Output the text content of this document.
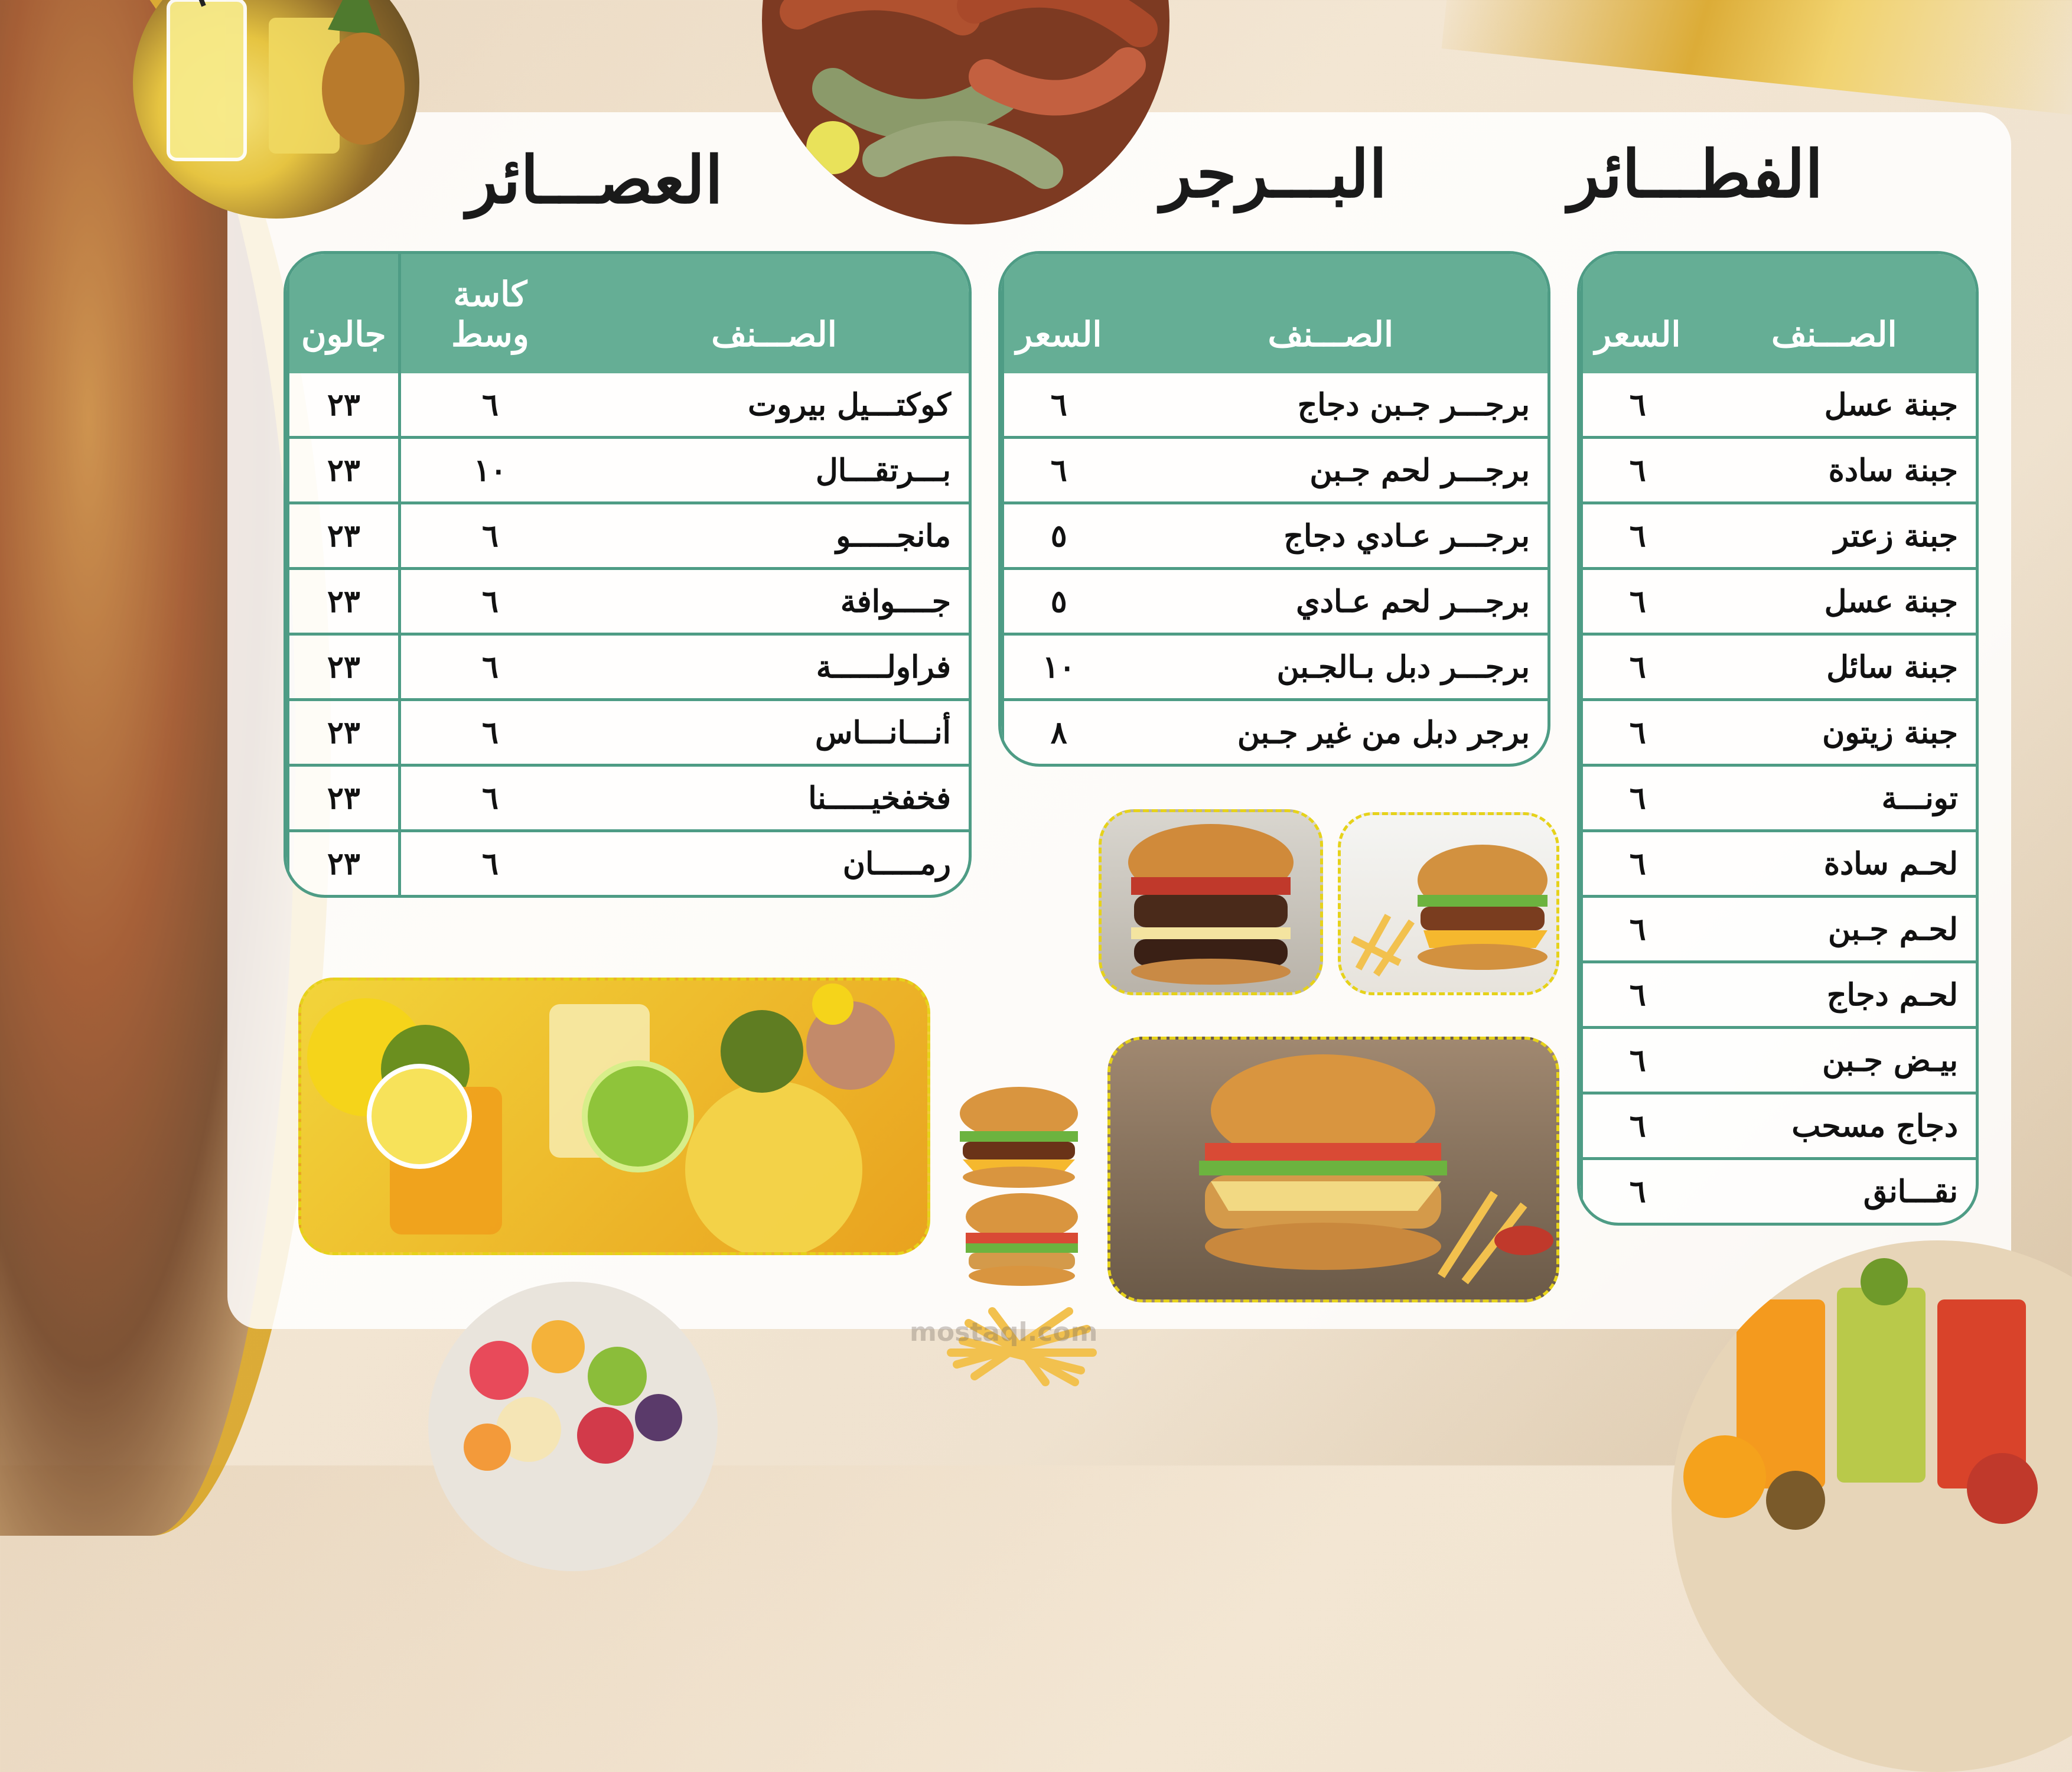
الفطـــائر
البـــرجر
العصـــائر
الصـــنف	السعر
جبنة عسل	٦
جبنة سادة	٦
جبنة زعتر	٦
جبنة عسل	٦
جبنة سائل	٦
جبنة زيتون	٦
تونـــة	٦
لحـم سادة	٦
لحـم جـبن	٦
لحـم دجاج	٦
بيـض جـبن	٦
دجاج مسحب	٦
نقـــانق	٦
الصـــنف	السعر
برجـــر جـبن دجاج	٦
برجـــر لحم جـبن	٦
برجـــر عـادي دجاج	٥
برجـــر لحم عـادي	٥
برجـــر دبل بـالجـبن	١٠
برجر دبل من غير جـبن	٨
الصـــنف	كاسة وسط	جالون
كوكتـــيل بيروت	٦	٢٣
بـــرتقـــال	١٠	٢٣
مانجـــــو	٦	٢٣
جــــوافة	٦	٢٣
فراولــــــة	٦	٢٣
أنـــانـــاس	٦	٢٣
فخفخيـــــنا	٦	٢٣
رمـــــان	٦	٢٣
mostaql.com
